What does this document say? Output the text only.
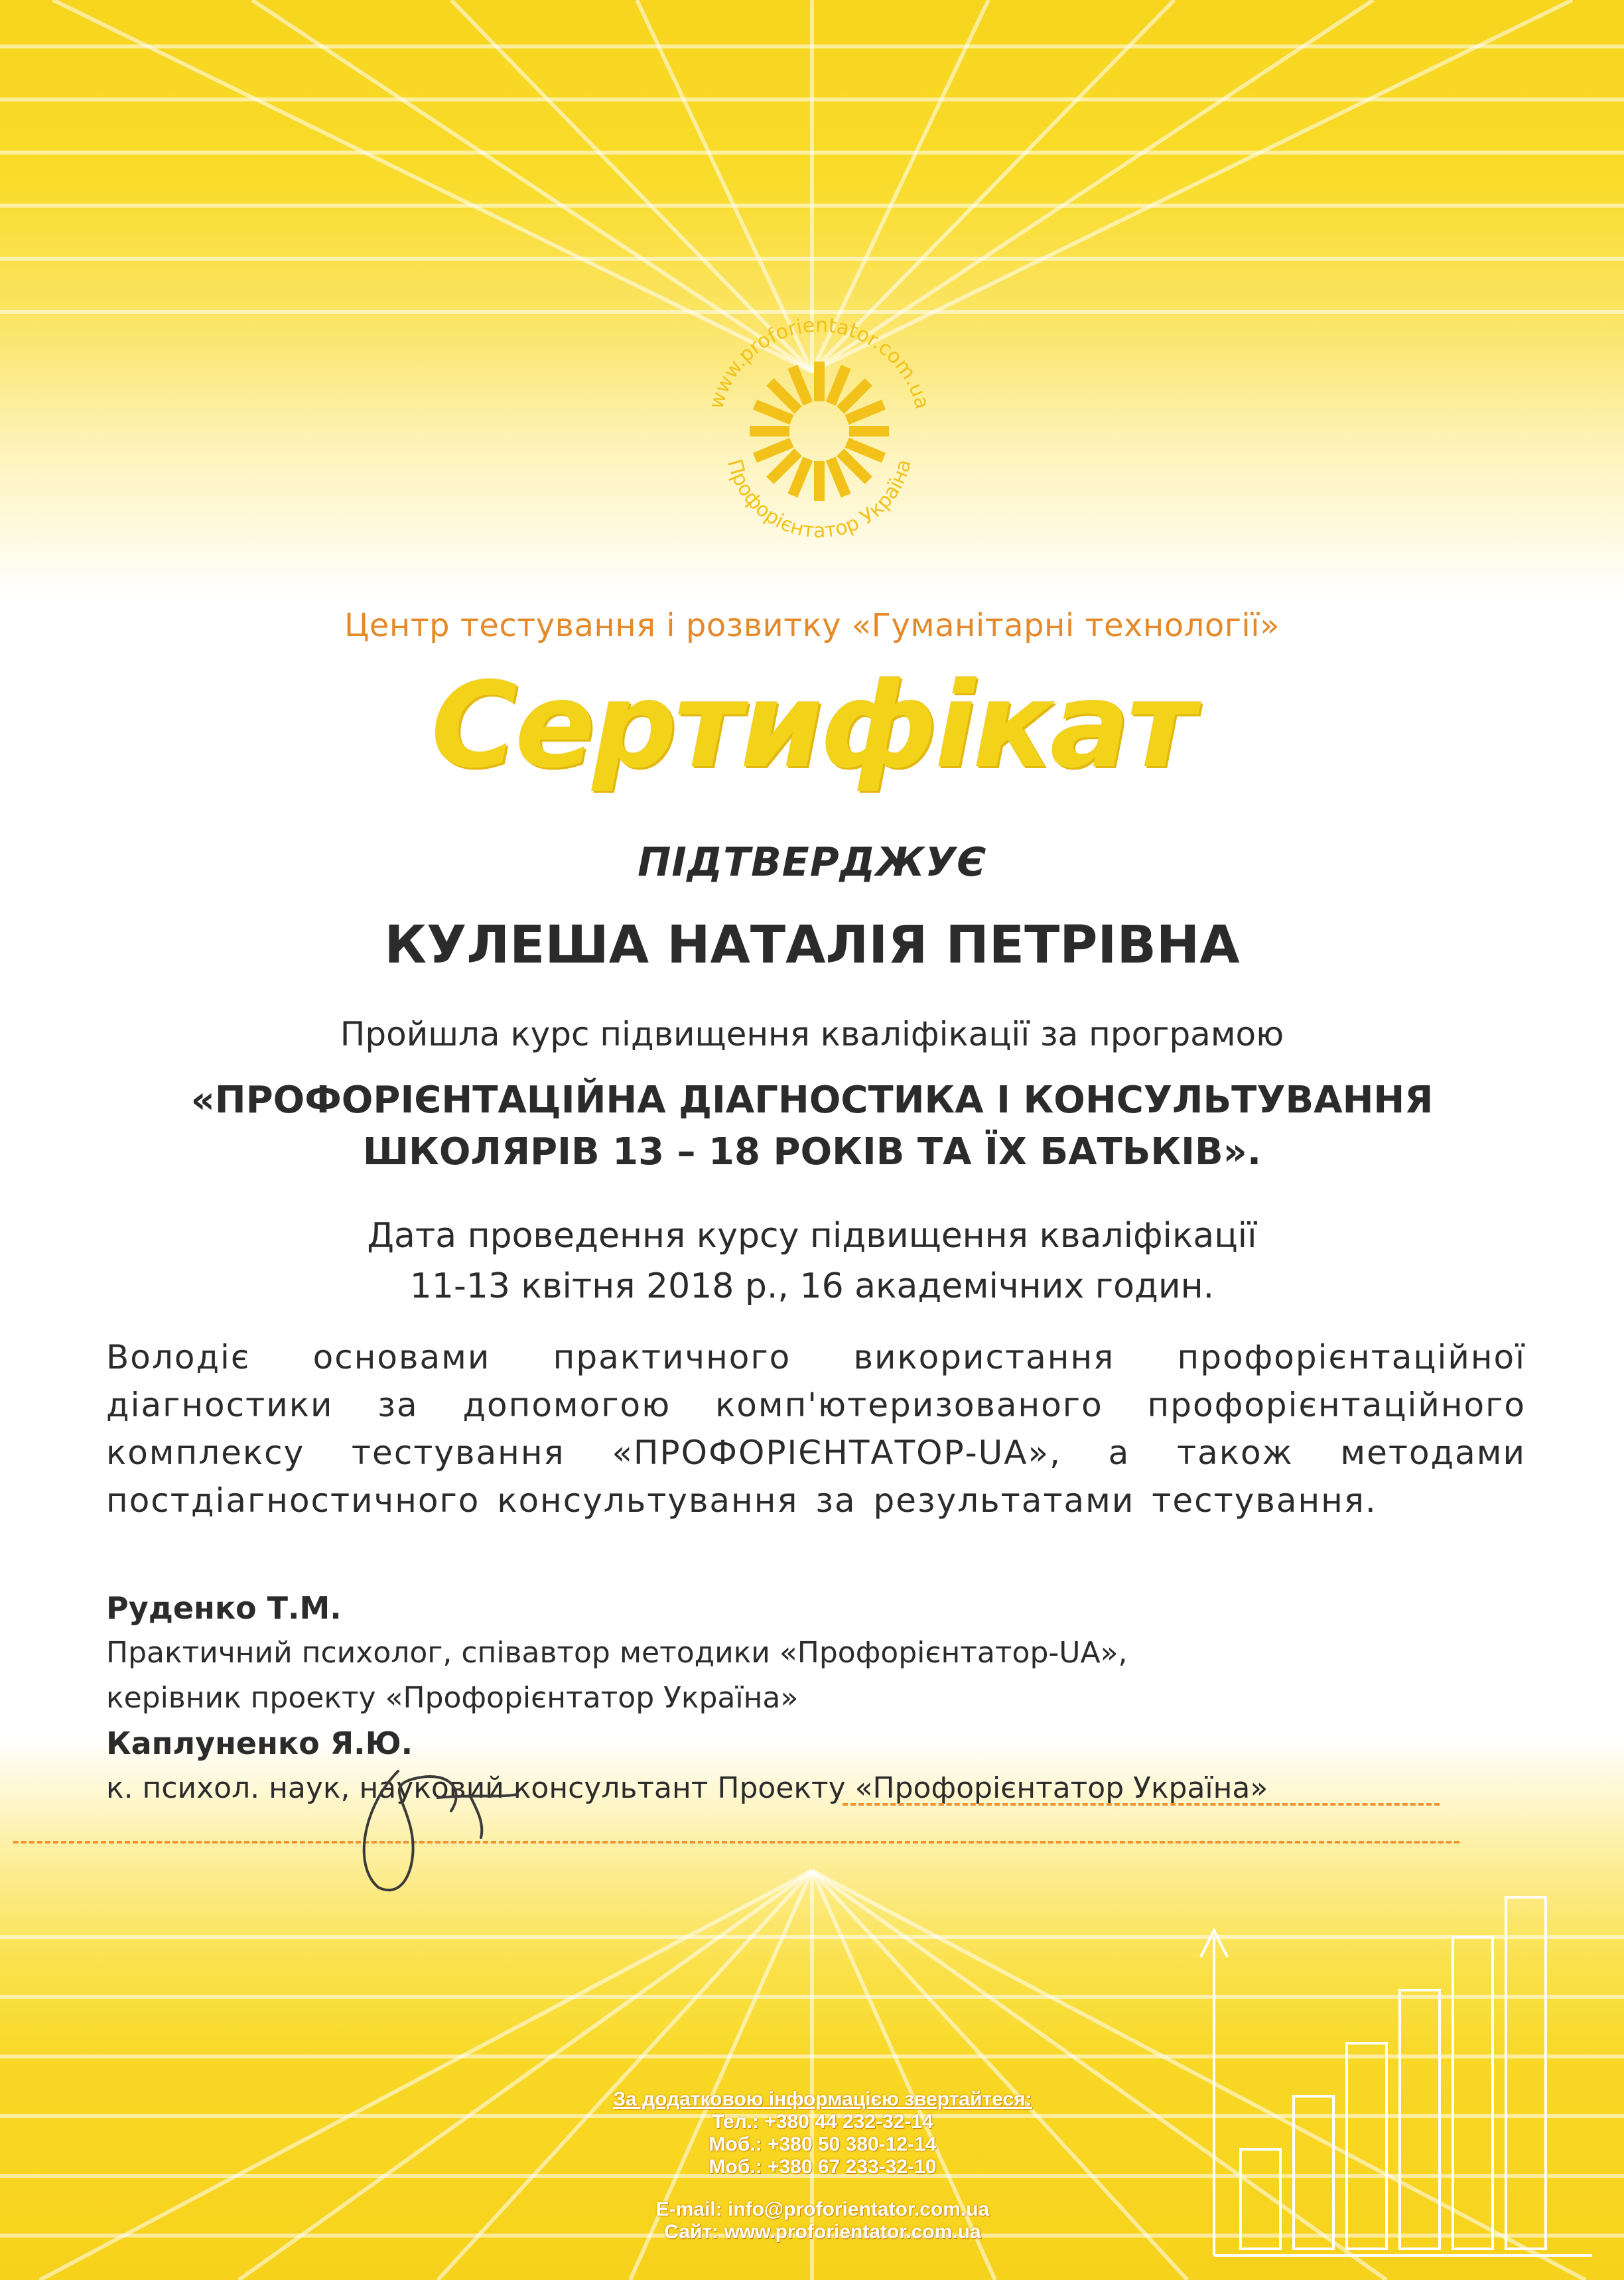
www.proforientator.com.ua
Профорієнтатор Україна

Центр тестування і розвитку «Гуманітарні технології»

Сертифікат

ПІДТВЕРДЖУЄ

КУЛЕША НАТАЛІЯ ПЕТРІВНА

Пройшла курс підвищення кваліфікації за програмою

«ПРОФОРІЄНТАЦІЙНА ДІАГНОСТИКА І КОНСУЛЬТУВАННЯ

ШКОЛЯРІВ 13 – 18 РОКІВ ТА ЇХ БАТЬКІВ».

Дата проведення курсу підвищення кваліфікації

11-13 квітня 2018 р., 16 академічних годин.

Володіє основами практичного використання профорієнтаційної діагностики за допомогою комп'ютеризованого профорієнтаційного комплексу тестування «ПРОФОРІЄНТАТОР-UA», а також методами постдіагностичного консультування за результатами тестування.

Руденко Т.М.
Практичний психолог, співавтор методики «Профорієнтатор-UA»,
керівник проекту «Профорієнтатор Україна»
Каплуненко Я.Ю.
к. психол. наук, науковий консультант Проекту «Профорієнтатор Україна»
За додатковою інформацією звертайтеся:
Тел.: +380 44 232-32-14
Моб.: +380 50 380-12-14
Моб.: +380 67 233-32-10
E-mail: info@proforientator.com.ua
Сайт: www.proforientator.com.ua
